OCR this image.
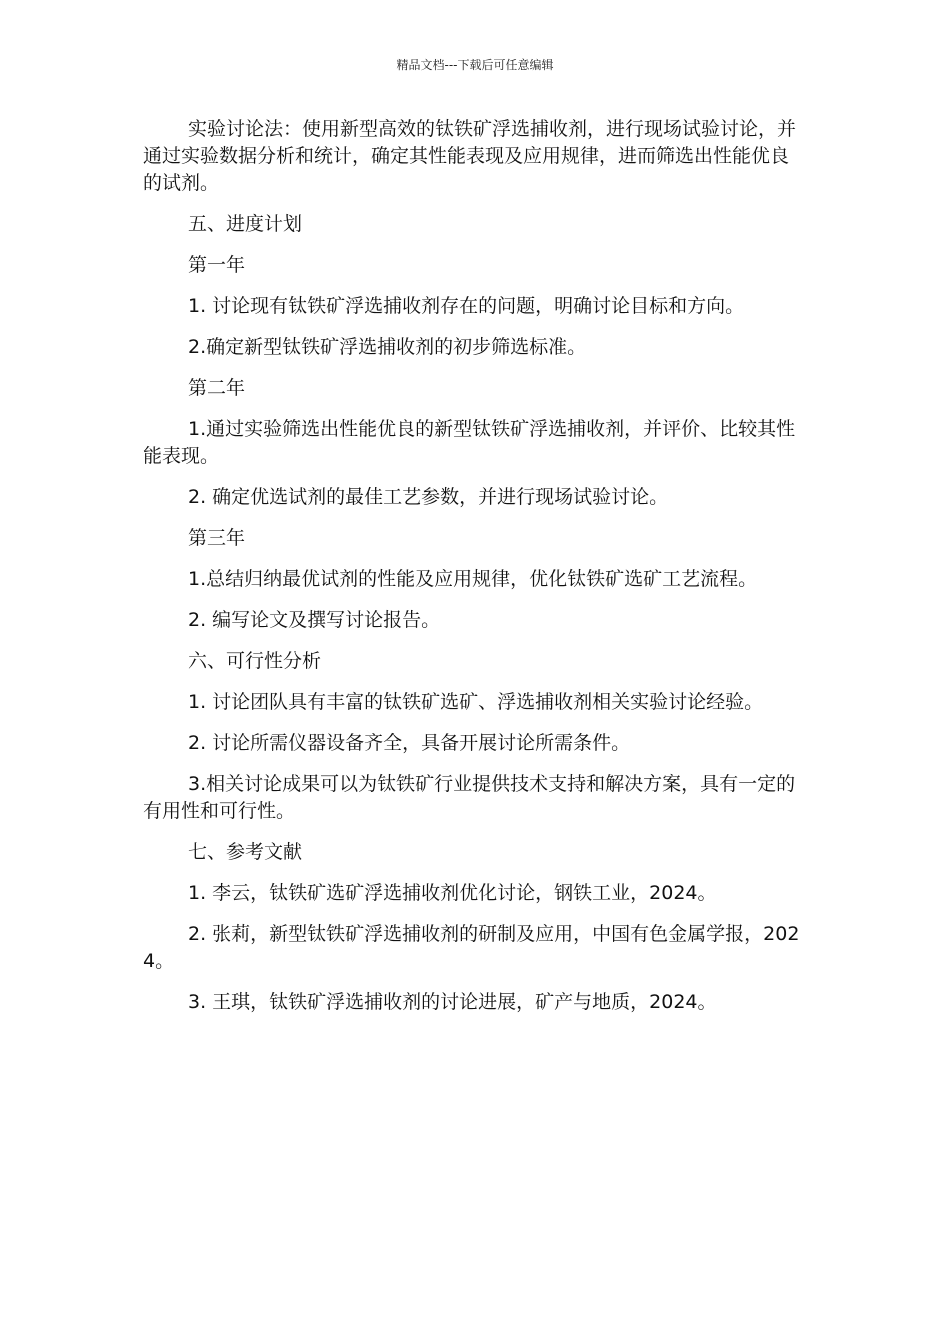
精品文档---下载后可任意编辑

实验讨论法：使用新型高效的钛铁矿浮选捕收剂，进行现场试验讨论，并通过实验数据分析和统计，确定其性能表现及应用规律，进而筛选出性能优良的试剂。

五、进度计划

第一年

1. 讨论现有钛铁矿浮选捕收剂存在的问题，明确讨论目标和方向。

2.确定新型钛铁矿浮选捕收剂的初步筛选标准。

第二年

1.通过实验筛选出性能优良的新型钛铁矿浮选捕收剂，并评价、比较其性能表现。

2. 确定优选试剂的最佳工艺参数，并进行现场试验讨论。

第三年

1.总结归纳最优试剂的性能及应用规律，优化钛铁矿选矿工艺流程。

2. 编写论文及撰写讨论报告。

六、可行性分析

1. 讨论团队具有丰富的钛铁矿选矿、浮选捕收剂相关实验讨论经验。

2. 讨论所需仪器设备齐全，具备开展讨论所需条件。

3.相关讨论成果可以为钛铁矿行业提供技术支持和解决方案，具有一定的有用性和可行性。

七、参考文献

1. 李云，钛铁矿选矿浮选捕收剂优化讨论，钢铁工业，2024。

2. 张莉，新型钛铁矿浮选捕收剂的研制及应用，中国有色金属学报，2024。

3. 王琪，钛铁矿浮选捕收剂的讨论进展，矿产与地质，2024。
